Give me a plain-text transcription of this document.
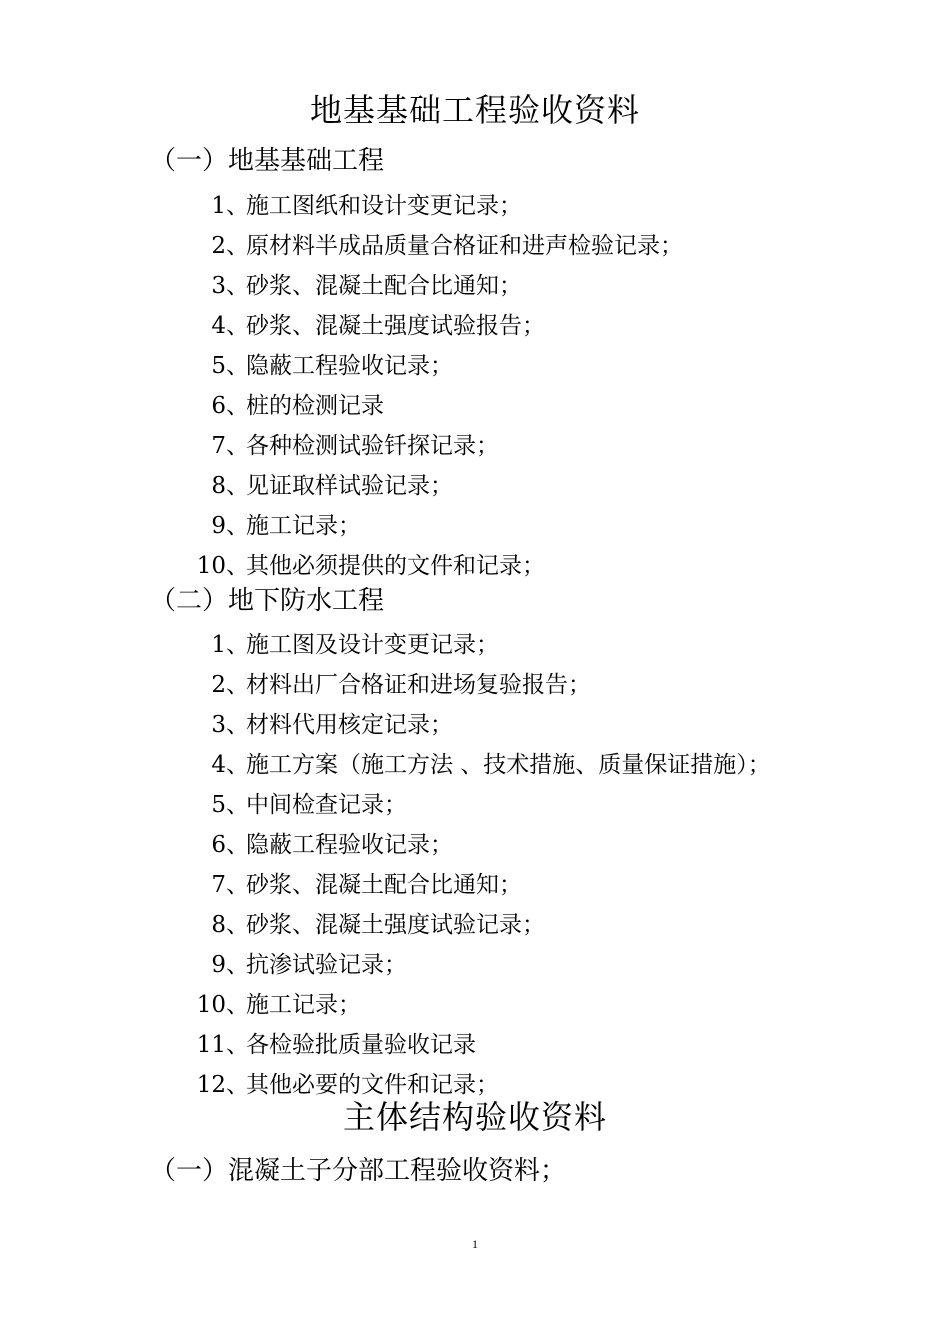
地基基础工程验收资料
（一）地基基础工程
1、施工图纸和设计变更记录；
2、原材料半成品质量合格证和进声检验记录；
3、砂浆、混凝土配合比通知；
4、砂浆、混凝土强度试验报告；
5、隐蔽工程验收记录；
6、桩的检测记录
7、各种检测试验钎探记录；
8、见证取样试验记录；
9、施工记录；
10、其他必须提供的文件和记录；
（二）地下防水工程
1、施工图及设计变更记录；
2、材料出厂合格证和进场复验报告；
3、材料代用核定记录；
4、施工方案（施工方法 、技术措施、质量保证措施）；
5、中间检查记录；
6、隐蔽工程验收记录；
7、砂浆、混凝土配合比通知；
8、砂浆、混凝土强度试验记录；
9、抗渗试验记录；
10、施工记录；
11、各检验批质量验收记录
12、其他必要的文件和记录；
主体结构验收资料
（一）混凝土子分部工程验收资料；
1
